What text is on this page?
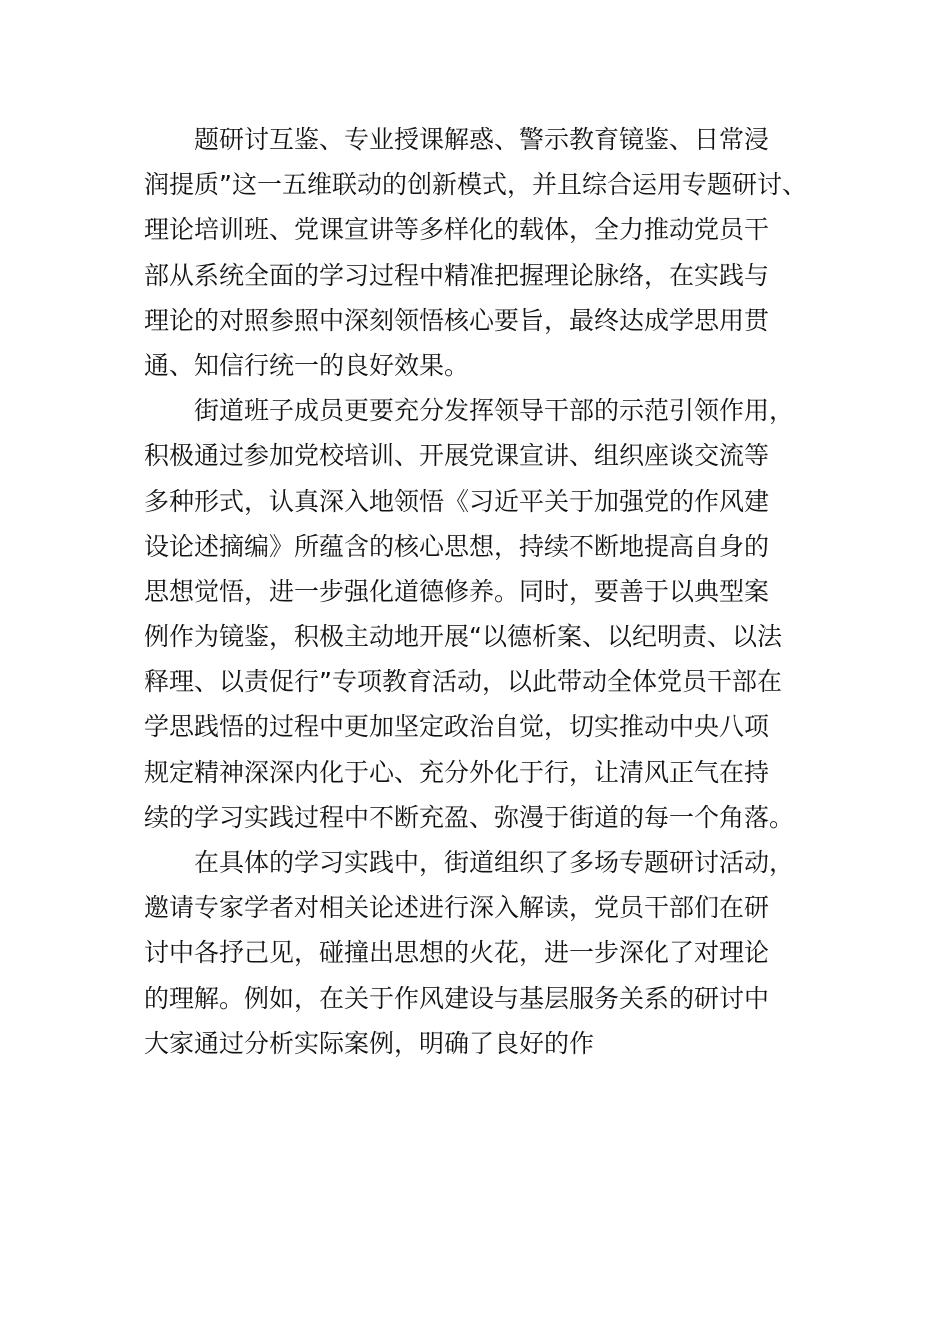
题研讨互鉴、专业授课解惑、警示教育镜鉴、日常浸
润提质”这一五维联动的创新模式，并且综合运用专题研讨、
理论培训班、党课宣讲等多样化的载体，全力推动党员干
部从系统全面的学习过程中精准把握理论脉络，在实践与
理论的对照参照中深刻领悟核心要旨，最终达成学思用贯
通、知信行统一的良好效果。
街道班子成员更要充分发挥领导干部的示范引领作用，
积极通过参加党校培训、开展党课宣讲、组织座谈交流等
多种形式，认真深入地领悟《习近平关于加强党的作风建
设论述摘编》所蕴含的核心思想，持续不断地提高自身的
思想觉悟，进一步强化道德修养。同时，要善于以典型案
例作为镜鉴，积极主动地开展“以德析案、以纪明责、以法
释理、以责促行”专项教育活动，以此带动全体党员干部在
学思践悟的过程中更加坚定政治自觉，切实推动中央八项
规定精神深深内化于心、充分外化于行，让清风正气在持
续的学习实践过程中不断充盈、弥漫于街道的每一个角落。
在具体的学习实践中，街道组织了多场专题研讨活动，
邀请专家学者对相关论述进行深入解读，党员干部们在研
讨中各抒己见，碰撞出思想的火花，进一步深化了对理论
的理解。例如，在关于作风建设与基层服务关系的研讨中
大家通过分析实际案例，明确了良好的作
